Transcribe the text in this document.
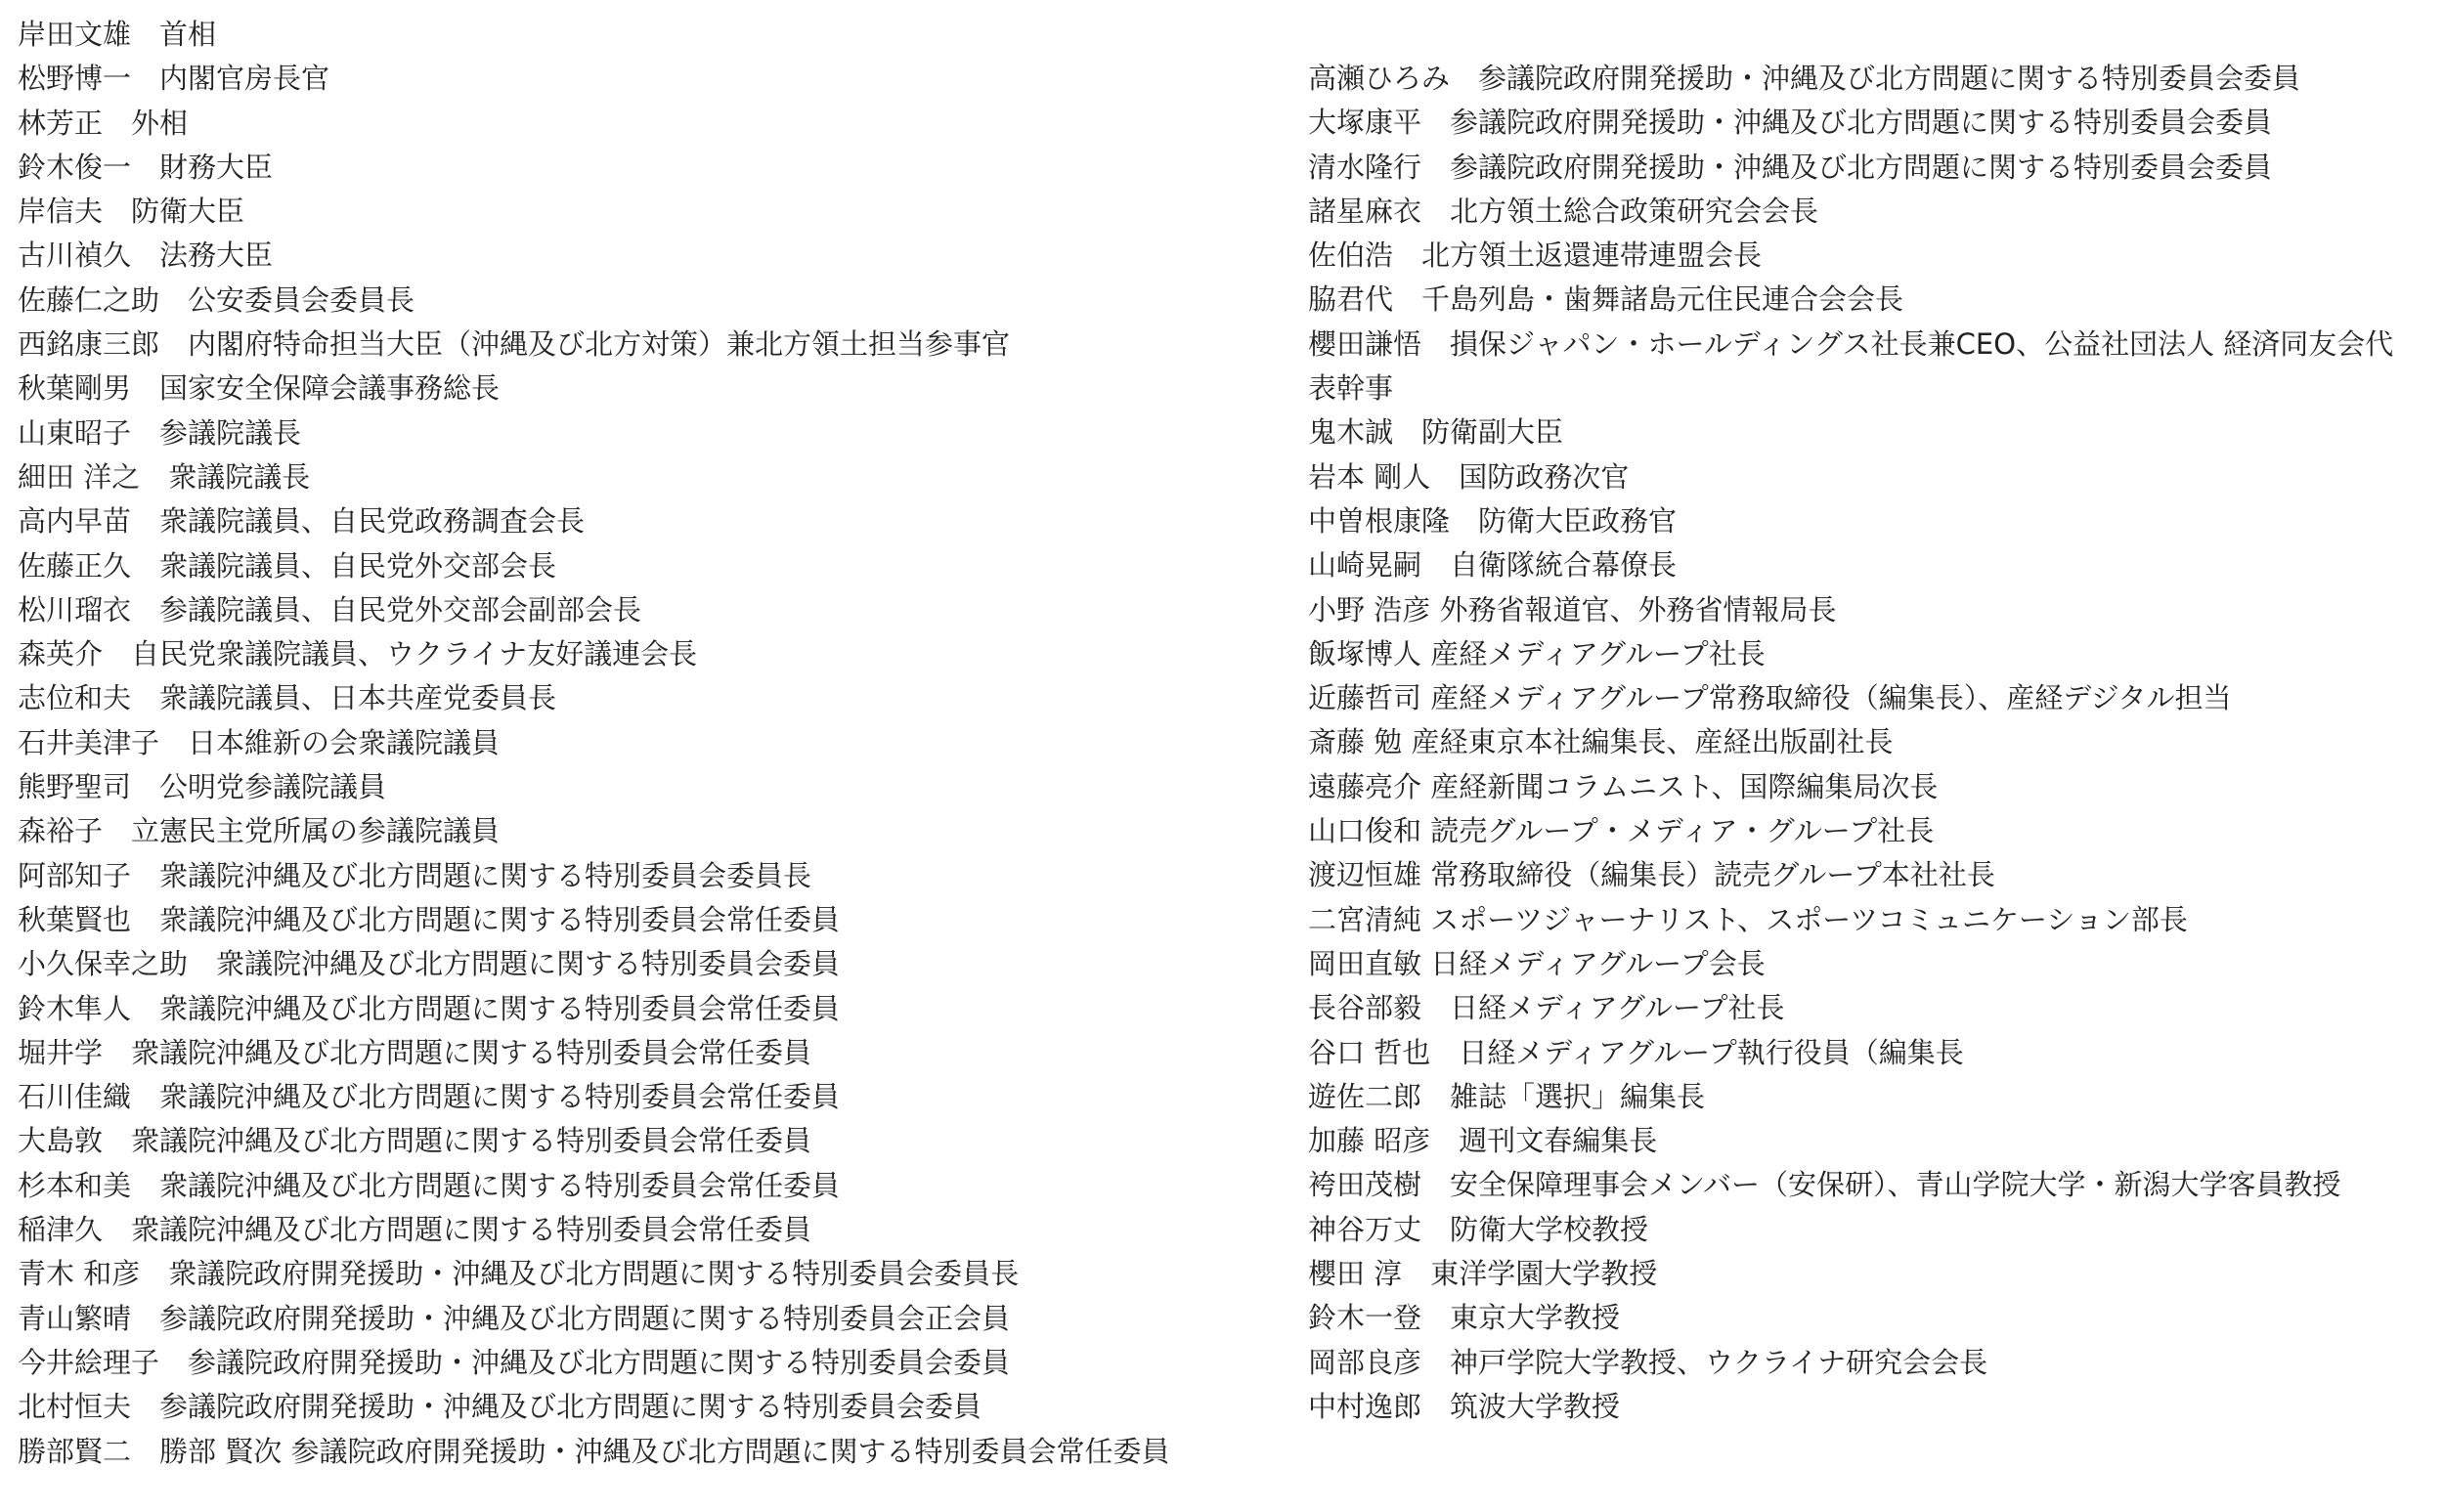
岸田文雄　 首相
松野博一　 内閣官房長官
林芳正　 外相
鈴木俊一　 財務大臣
岸信夫　 防衛大臣
古川禎久　 法務大臣
佐藤仁之助　 公安委員会委員長
西銘康三郎　 内閣府特命担当大臣（沖縄及び北方対策）兼北方領土担当参事官
秋葉剛男　 国家安全保障会議事務総長
山東昭子　 参議院議長
細田 洋之　 衆議院議長
高内早苗　 衆議院議員、自民党政務調査会長
佐藤正久　 衆議院議員、自民党外交部会長
松川瑠衣　 参議院議員、自民党外交部会副部会長
森英介　 自民党衆議院議員、ウクライナ友好議連会長
志位和夫　 衆議院議員、日本共産党委員長
石井美津子　 日本維新の会衆議院議員
熊野聖司　 公明党参議院議員
森裕子　 立憲民主党所属の参議院議員
阿部知子　 衆議院沖縄及び北方問題に関する特別委員会委員長
秋葉賢也　 衆議院沖縄及び北方問題に関する特別委員会常任委員
小久保幸之助　 衆議院沖縄及び北方問題に関する特別委員会委員
鈴木隼人　 衆議院沖縄及び北方問題に関する特別委員会常任委員
堀井学　 衆議院沖縄及び北方問題に関する特別委員会常任委員
石川佳織　 衆議院沖縄及び北方問題に関する特別委員会常任委員
大島敦　 衆議院沖縄及び北方問題に関する特別委員会常任委員
杉本和美　 衆議院沖縄及び北方問題に関する特別委員会常任委員
稲津久　 衆議院沖縄及び北方問題に関する特別委員会常任委員
青木 和彦　 衆議院政府開発援助・沖縄及び北方問題に関する特別委員会委員長
青山繁晴　 参議院政府開発援助・沖縄及び北方問題に関する特別委員会正会員
今井絵理子　 参議院政府開発援助・沖縄及び北方問題に関する特別委員会委員
北村恒夫　 参議院政府開発援助・沖縄及び北方問題に関する特別委員会委員
勝部賢二　 勝部 賢次 参議院政府開発援助・沖縄及び北方問題に関する特別委員会常任委員
高瀬ひろみ　 参議院政府開発援助・沖縄及び北方問題に関する特別委員会委員
大塚康平　 参議院政府開発援助・沖縄及び北方問題に関する特別委員会委員
清水隆行　 参議院政府開発援助・沖縄及び北方問題に関する特別委員会委員
諸星麻衣　 北方領土総合政策研究会会長
佐伯浩　 北方領土返還連帯連盟会長
脇君代　 千島列島・歯舞諸島元住民連合会会長
櫻田謙悟　 損保ジャパン・ホールディングス社長兼CEO、公益社団法人 経済同友会代表幹事
鬼木誠　 防衛副大臣
岩本 剛人　 国防政務次官
中曽根康隆　 防衛大臣政務官
山崎晃嗣　 自衛隊統合幕僚長
小野 浩彦 外務省報道官、外務省情報局長
飯塚博人 産経メディアグループ社長
近藤哲司 産経メディアグループ常務取締役（編集長）、産経デジタル担当
斎藤 勉 産経東京本社編集長、産経出版副社長
遠藤亮介 産経新聞コラムニスト、国際編集局次長
山口俊和 読売グループ・メディア・グループ社長
渡辺恒雄 常務取締役（編集長）読売グループ本社社長
二宮清純 スポーツジャーナリスト、スポーツコミュニケーション部長
岡田直敏 日経メディアグループ会長
長谷部毅　 日経メディアグループ社長
谷口 哲也　 日経メディアグループ執行役員（編集長
遊佐二郎　 雑誌「選択」編集長
加藤 昭彦　 週刊文春編集長
袴田茂樹　 安全保障理事会メンバー（安保研）、青山学院大学・新潟大学客員教授
神谷万丈　 防衛大学校教授
櫻田 淳　 東洋学園大学教授
鈴木一登　 東京大学教授
岡部良彦　 神戸学院大学教授、ウクライナ研究会会長
中村逸郎　 筑波大学教授
